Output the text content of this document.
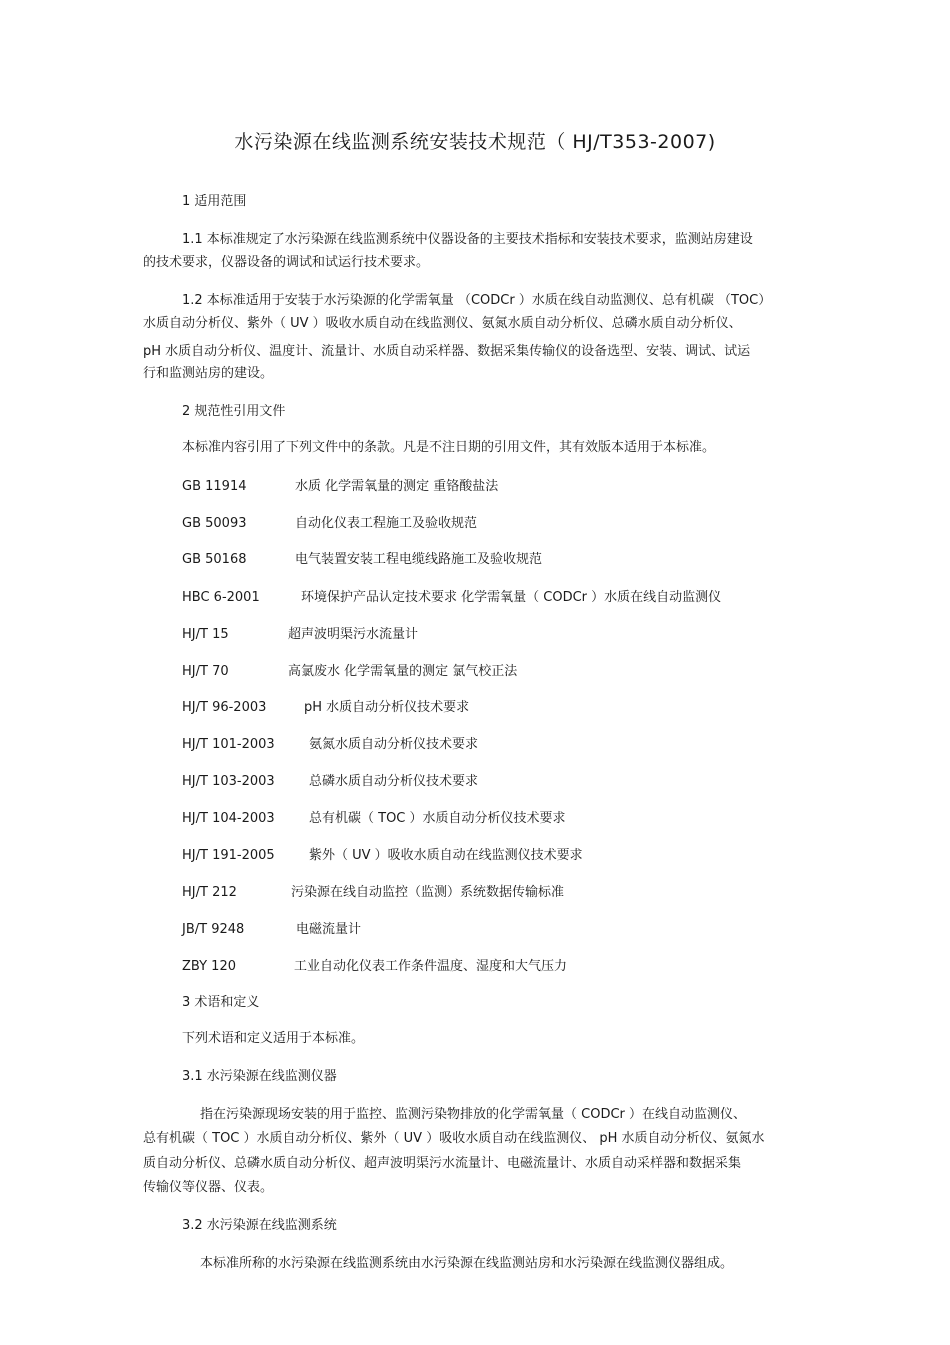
水污染源在线监测系统安装技术规范（ HJ/T353-2007)
1 适用范围
1.1 本标准规定了水污染源在线监测系统中仪器设备的主要技术指标和安装技术要求，监测站房建设
的技术要求，仪器设备的调试和试运行技术要求。
1.2 本标准适用于安装于水污染源的化学需氧量 （CODCr ）水质在线自动监测仪、总有机碳 （TOC）
水质自动分析仪、紫外（ UV ）吸收水质自动在线监测仪、氨氮水质自动分析仪、总磷水质自动分析仪、
pH 水质自动分析仪、温度计、流量计、水质自动采样器、数据采集传输仪的设备选型、安装、调试、试运
行和监测站房的建设。
2 规范性引用文件
本标准内容引用了下列文件中的条款。凡是不注日期的引用文件，其有效版本适用于本标准。
GB 11914	水质 化学需氧量的测定 重铬酸盐法
GB 50093	自动化仪表工程施工及验收规范
GB 50168	电气装置安装工程电缆线路施工及验收规范
HBC 6-2001	环境保护产品认定技术要求 化学需氧量（ CODCr ）水质在线自动监测仪
HJ/T 15	超声波明渠污水流量计
HJ/T 70	高氯废水 化学需氧量的测定 氯气校正法
HJ/T 96-2003	pH 水质自动分析仪技术要求
HJ/T 101-2003	氨氮水质自动分析仪技术要求
HJ/T 103-2003	总磷水质自动分析仪技术要求
HJ/T 104-2003	总有机碳（ TOC ）水质自动分析仪技术要求
HJ/T 191-2005	紫外（ UV ）吸收水质自动在线监测仪技术要求
HJ/T 212	污染源在线自动监控（监测）系统数据传输标准
JB/T 9248	电磁流量计
ZBY 120	工业自动化仪表工作条件温度、湿度和大气压力
3 术语和定义
下列术语和定义适用于本标准。
3.1 水污染源在线监测仪器
指在污染源现场安装的用于监控、监测污染物排放的化学需氧量（ CODCr ）在线自动监测仪、
总有机碳（ TOC ）水质自动分析仪、紫外（ UV ）吸收水质自动在线监测仪、 pH 水质自动分析仪、氨氮水
质自动分析仪、总磷水质自动分析仪、超声波明渠污水流量计、电磁流量计、水质自动采样器和数据采集
传输仪等仪器、仪表。
3.2 水污染源在线监测系统
本标准所称的水污染源在线监测系统由水污染源在线监测站房和水污染源在线监测仪器组成。
